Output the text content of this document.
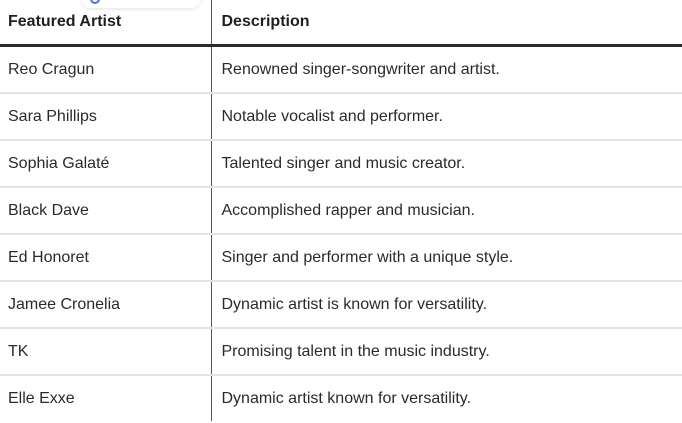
Featured Artist	Description
Reo Cragun	Renowned singer-songwriter and artist.
Sara Phillips	Notable vocalist and performer.
Sophia Galaté	Talented singer and music creator.
Black Dave	Accomplished rapper and musician.
Ed Honoret	Singer and performer with a unique style.
Jamee Cronelia	Dynamic artist is known for versatility.
TK	Promising talent in the music industry.
Elle Exxe	Dynamic artist known for versatility.
